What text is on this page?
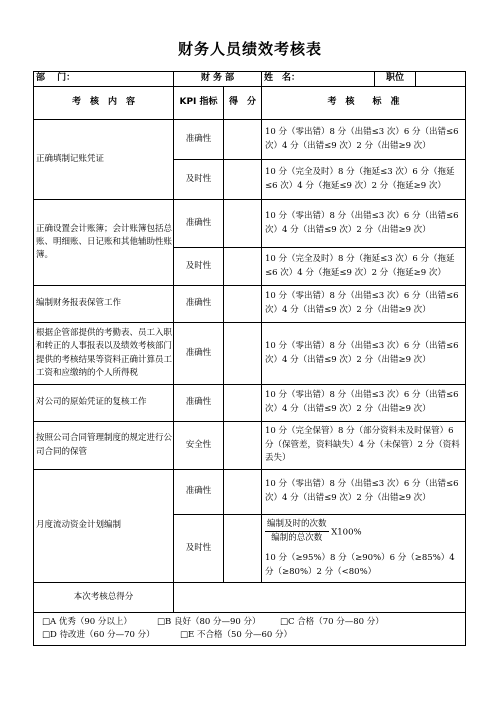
财务人员绩效考核表
部　 门：	财 务 部		姓　名： 职位

考　核　内　容	KPI 指标	得　分	考　核　　标　准
正确填制记账凭证	准确性		10 分（零出错）8 分（出错≤3 次）6 分（出错≤6 次）4 分（出错≤9 次）2 分（出错≥9 次）
	及时性		10 分（完全及时）8 分（拖延≤3 次）6 分（拖延≤6 次）4 分（拖延≤9 次）2 分（拖延≥9 次）
正确设置会计账簿；会计账簿包括总账、明细账、日记账和其他辅助性账簿。	准确性		10 分（零出错）8 分（出错≤3 次）6 分（出错≤6 次）4 分（出错≤9 次）2 分（出错≥9 次）
	及时性		10 分（完全及时）8 分（拖延≤3 次）6 分（拖延≤6 次）4 分（拖延≤9 次）2 分（拖延≥9 次）
编制财务报表保管工作	准确性		10 分（零出错）8 分（出错≤3 次）6 分（出错≤6 次）4 分（出错≤9 次）2 分（出错≥9 次）
根据企管部提供的考勤表、员工入职和转正的人事报表以及绩效考核部门提供的考核结果等资料正确计算员工工资和应缴纳的个人所得税	准确性		10 分（零出错）8 分（出错≤3 次）6 分（出错≤6 次）4 分（出错≤9 次）2 分（出错≥9 次）
对公司的原始凭证的复核工作	准确性		10 分（零出错）8 分（出错≤3 次）6 分（出错≤6 次）4 分（出错≤9 次）2 分（出错≥9 次）
按照公司合同管理制度的规定进行公司合同的保管	安全性		10 分（完全保管）8 分（部分资料未及时保管）6 分（保管差，资料缺失）4 分（未保管）2 分（资料丢失）
月度流动资金计划编制	准确性		10 分（零出错）8 分（出错≤3 次）6 分（出错≤6 次）4 分（出错≤9 次）2 分（出错≥9 次）
	及时性		$\frac{\text{编制及时的次数}}{\text{编制的总次数}} X100\%$
10 分（≥95%）8 分（≥90%）6 分（≥85%）4 分（≥80%）2 分（<80%）

本次考核总得分			

□A 优秀（90 分以上） □B 良好（80 分—90 分） □C 合格（70 分—80 分）
□D 待改进（60 分—70 分） □E 不合格（50 分—60 分）			
